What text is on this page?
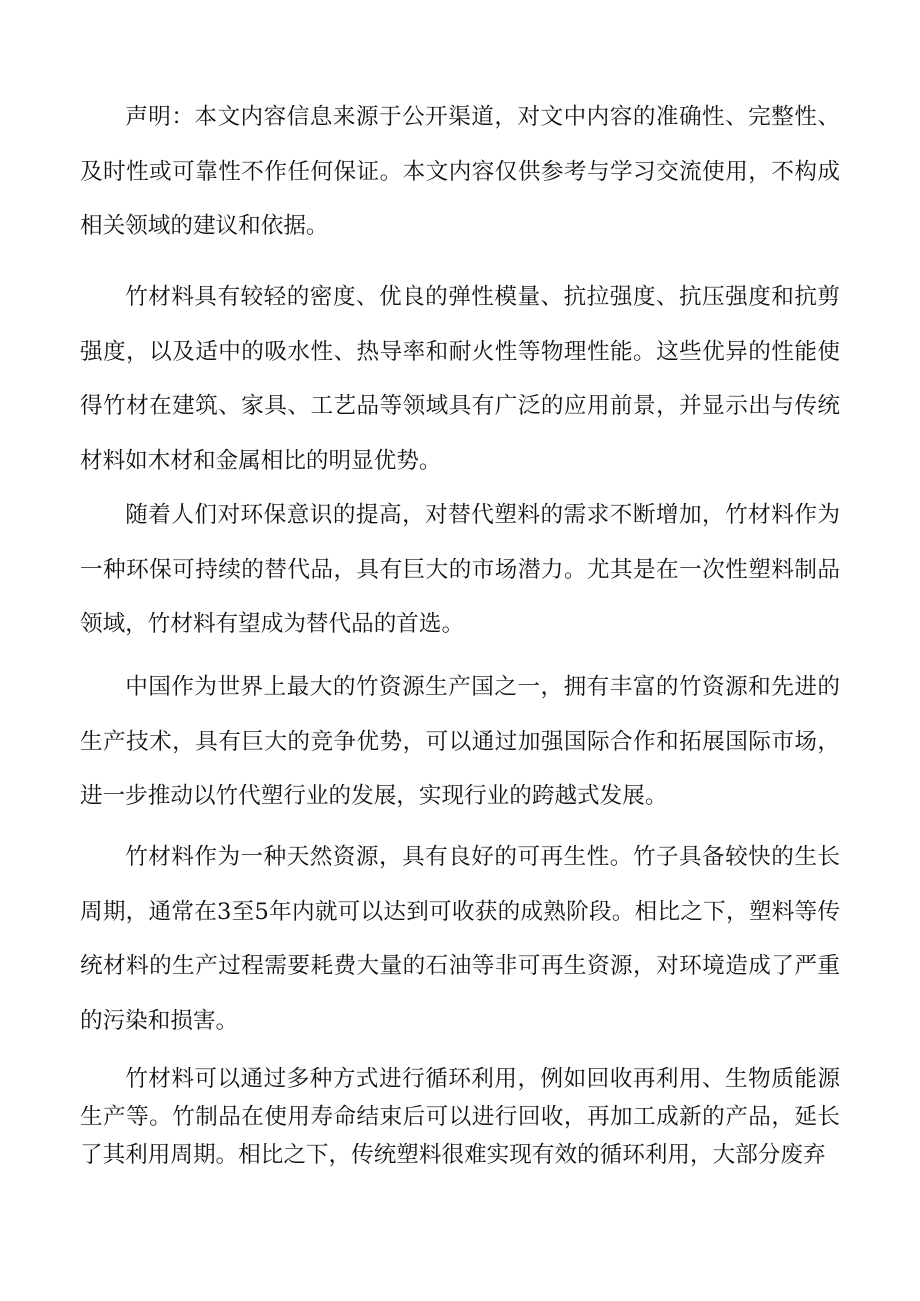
声明：本文内容信息来源于公开渠道，对文中内容的准确性、完整性、及时性或可靠性不作任何保证。本文内容仅供参考与学习交流使用，不构成相关领域的建议和依据。

竹材料具有较轻的密度、优良的弹性模量、抗拉强度、抗压强度和抗剪强度，以及适中的吸水性、热导率和耐火性等物理性能。这些优异的性能使得竹材在建筑、家具、工艺品等领域具有广泛的应用前景，并显示出与传统材料如木材和金属相比的明显优势。

随着人们对环保意识的提高，对替代塑料的需求不断增加，竹材料作为一种环保可持续的替代品，具有巨大的市场潜力。尤其是在一次性塑料制品领域，竹材料有望成为替代品的首选。

中国作为世界上最大的竹资源生产国之一，拥有丰富的竹资源和先进的生产技术，具有巨大的竞争优势，可以通过加强国际合作和拓展国际市场，进一步推动以竹代塑行业的发展，实现行业的跨越式发展。

竹材料作为一种天然资源，具有良好的可再生性。竹子具备较快的生长周期，通常在3至5年内就可以达到可收获的成熟阶段。相比之下，塑料等传统材料的生产过程需要耗费大量的石油等非可再生资源，对环境造成了严重的污染和损害。

竹材料可以通过多种方式进行循环利用，例如回收再利用、生物质能源生产等。竹制品在使用寿命结束后可以进行回收，再加工成新的产品，延长了其利用周期。相比之下，传统塑料很难实现有效的循环利用，大部分废弃
